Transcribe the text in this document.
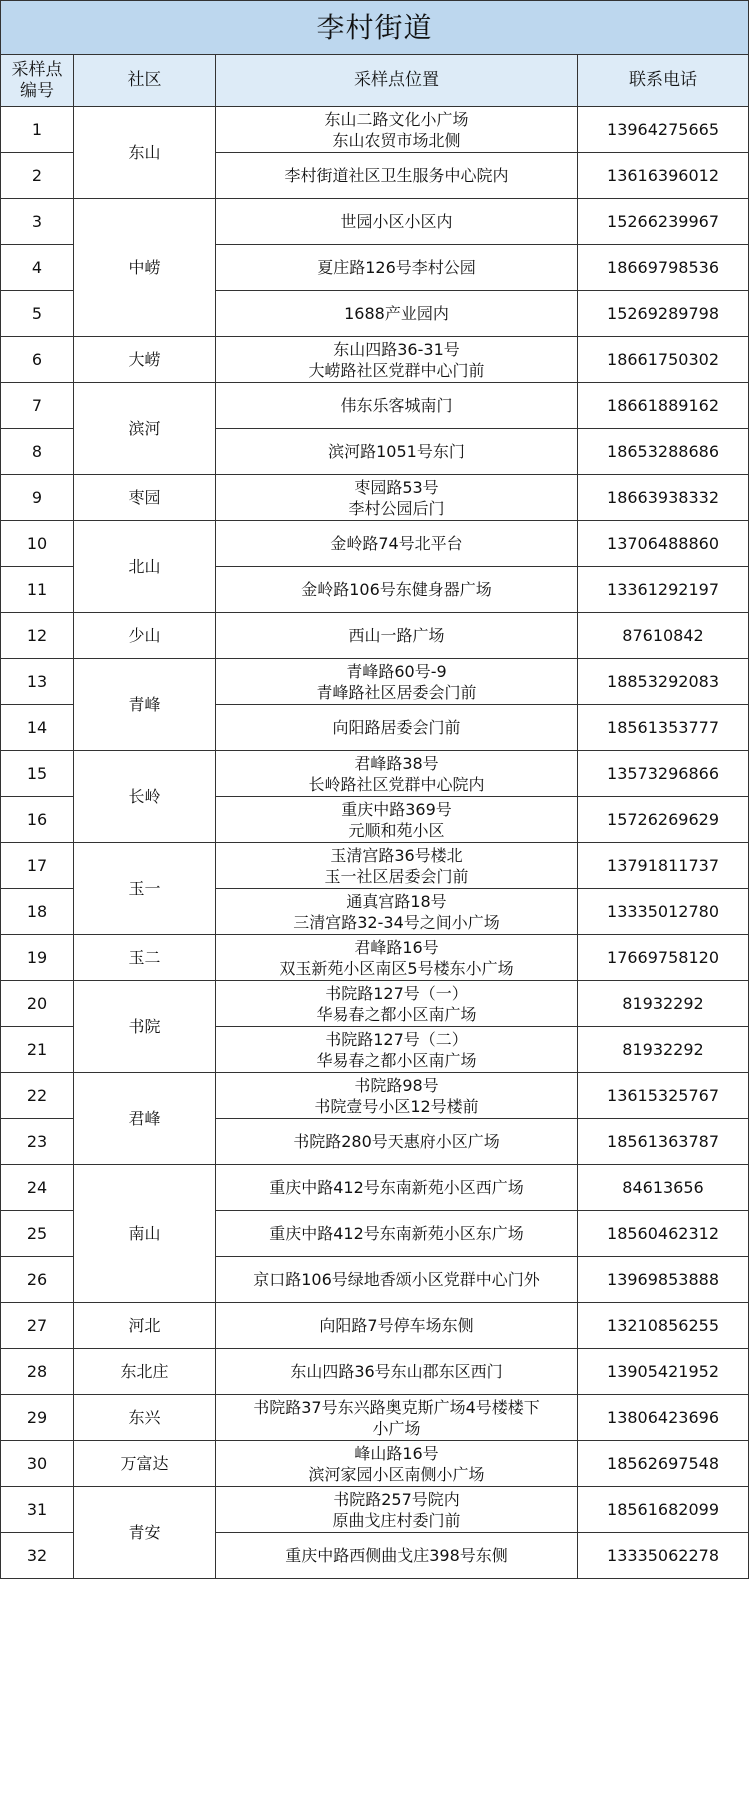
李村街道			
采样点
编号	社区	采样点位置	联系电话
1	东山	东山二路文化小广场
东山农贸市场北侧	13964275665
2		李村街道社区卫生服务中心院内	13616396012
3	中崂	世园小区小区内	15266239967
4		夏庄路126号李村公园	18669798536
5		1688产业园内	15269289798
6	大崂	东山四路36-31号
大崂路社区党群中心门前	18661750302
7	滨河	伟东乐客城南门	18661889162
8		滨河路1051号东门	18653288686
9	枣园	枣园路53号
李村公园后门	18663938332
10	北山	金岭路74号北平台	13706488860
11		金岭路106号东健身器广场	13361292197
12	少山	西山一路广场	87610842
13	青峰	青峰路60号-9
青峰路社区居委会门前	18853292083
14		向阳路居委会门前	18561353777
15	长岭	君峰路38号
长岭路社区党群中心院内	13573296866
16		重庆中路369号
元顺和苑小区	15726269629
17	玉一	玉清宫路36号楼北
玉一社区居委会门前	13791811737
18		通真宫路18号
三清宫路32-34号之间小广场	13335012780
19	玉二	君峰路16号
双玉新苑小区南区5号楼东小广场	17669758120
20	书院	书院路127号（一）
华易春之都小区南广场	81932292
21		书院路127号（二）
华易春之都小区南广场	81932292
22	君峰	书院路98号
书院壹号小区12号楼前	13615325767
23		书院路280号天惠府小区广场	18561363787
24	南山	重庆中路412号东南新苑小区西广场	84613656
25		重庆中路412号东南新苑小区东广场	18560462312
26		京口路106号绿地香颂小区党群中心门外	13969853888
27	河北	向阳路7号停车场东侧	13210856255
28	东北庄	东山四路36号东山郡东区西门	13905421952
29	东兴	书院路37号东兴路奥克斯广场4号楼楼下
小广场	13806423696
30	万富达	峰山路16号
滨河家园小区南侧小广场	18562697548
31	青安	书院路257号院内
原曲戈庄村委门前	18561682099
32		重庆中路西侧曲戈庄398号东侧	13335062278
